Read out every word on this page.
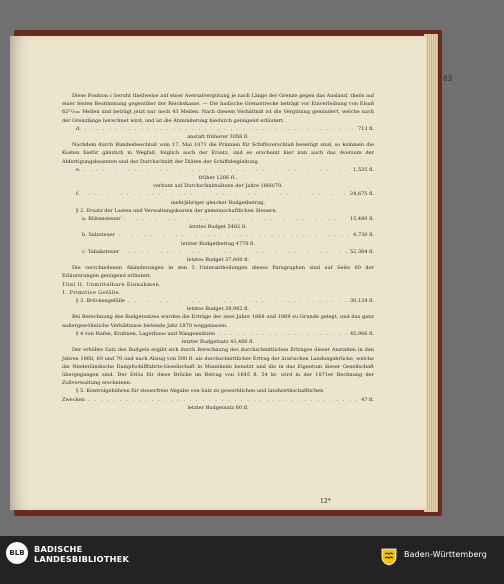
83

Diese Position c beruht theilweise auf einer Aversalvergütung je nach Länge der Grenze gegen das Ausland, theils auf einer festen Bestimmung gegenüber der Reichskasse. — Die badische Grenzstrecke beträgt vor Einverleibung von Elsaß 62⁵¹/₁₀₀ Meilen und beträgt jetzt nur noch 43 Meilen. Nach diesem Verhältniß ist die Vergütung gemindert, welche nach der Grenzlänge berechnet wird, und ist die Abminderung hiedurch genügend erläutert.

d. . . .	713 fl.

anstatt früherer 3058 fl.

Nachdem durch Bundesbeschluß vom 17. Mai 1871 die Prämien für Schiffsverschluß beseitigt sind, so kommen die Kosten hiefür gänzlich in Wegfall, folglich auch der Ersatz, und es erscheint hier nun auch das Aversum der Abfertigungsbeamten und der Durchschnitt der Diäten der Schiffsbegleitung.

e. . . .	1,535 fl.

früher 1266 fl.,

verbunt auf Durchschnittsätzen der Jahre 1868/70.

f. . . .	24,675 fl.

mehrjähriger gleicher Budgetbetrag.

§ 2. Ersatz der Lasten und Verwaltungskosten der gemeinschaftlichen Steuern.

a. Rübensteuer . . .	15,480 fl.

letztes Budget 5482 fl.

b. Salzsteuer . . .	4,730 fl.

letzter Budgetbetrag 4770 fl.

c. Tabaksteuer . . .	52,364 fl.

letztes Budget 37,800 fl.

Die verschiedenen Abänderungen in den 3 Unterabtheilungen dieses Paragraphen sind auf Seite 60 der Erläuterungen genügend erläutert.

Titel II. Unmittelbare Einnahmen.

1. Primitive Gefälle.

§ 3. Brückengefälle . . .	30,124 fl.

letztes Budget 28,962 fl.

Bei Berechnung des Budgetsatzes wurden die Erträge der zwei Jahre 1868 und 1869 zu Grunde gelegt, und das ganz außergewöhnliche Verhältnisse bietende Jahr 1870 weggelassen.

§ 4 von Hafen, Krahnen, Lagerhaus und Waagensätzen . . .	45,906 fl.

letzter Budgetsatz 43,406 fl.

Der erhöhte Satz des Budgets ergibt sich durch Berechnung des durchschnittlichen Ertrages dieser Anstalten in den Jahren 1868, 69 und 70 und nach Abzug von 500 fl. als durchschnittlicher Ertrag der ärarischen Landungsbrücke, welche die Niederländische Dampfschifffahrts-Gesellschaft in Mannheim benutzt und die in das Eigentum dieser Gesellschaft übergegangen sind. Der Erlös für diese Brücke im Betrag von 1645 fl. 54 kr. wird in der 1871er Rechnung der Zollverwaltung erscheinen.

§ 5. Kontrolgebühren für steuerfreie Abgabe von Salz zu gewerblichen und landwirthschaftlichen

Zwecken . . .	47 fl.

letzter Budgetsatz 60 fl.

12*
BLB	BADISCHE
LANDESBIBLIOTHEK	Baden-Württemberg
